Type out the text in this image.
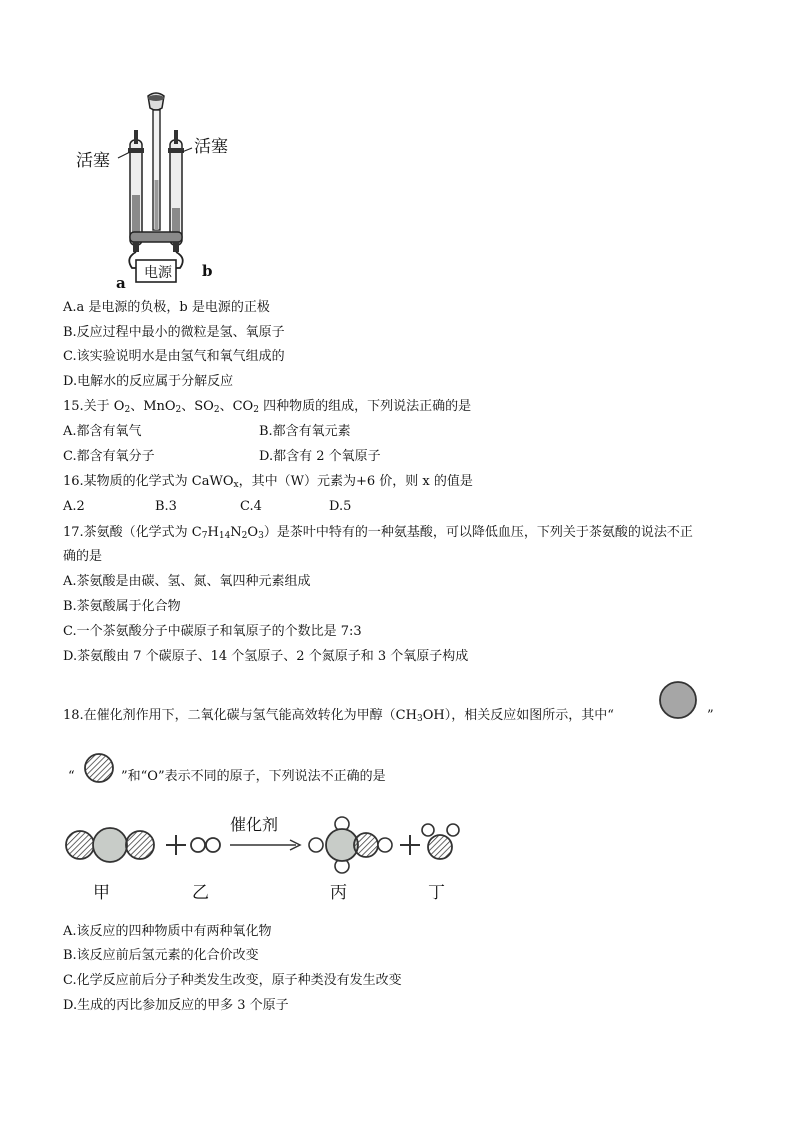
活塞
活塞
电源
a
b
A.a 是电源的负极，b 是电源的正极
B.反应过程中最小的微粒是氢、氧原子
C.该实验说明水是由氢气和氧气组成的
D.电解水的反应属于分解反应
15.关于 $O_2$、MnO$_2$、$SO_2$、$CO_2$ 四种物质的组成，下列说法正确的是
A.都含有氧气	B.都含有氧元素
C.都含有氧分子	D.都含有 2 个氧原子
16.某物质的化学式为 CaWO$_x$，其中（W）元素为+6 价，则 x 的值是
A.2	B.3	C.4	D.5
17.茶氨酸（化学式为 $C_7H_{14}N_2O_3$）是茶叶中特有的一种氨基酸，可以降低血压，下列关于茶氨酸的说法不正
确的是
A.茶氨酸是由碳、氢、氮、氧四种元素组成
B.茶氨酸属于化合物
C.一个茶氨酸分子中碳原子和氧原子的个数比是 7:3
D.茶氨酸由 7 个碳原子、14 个氢原子、2 个氮原子和 3 个氧原子构成
18.在催化剂作用下，二氧化碳与氢气能高效转化为甲醇$(CH_3OH)$，相关反应如图所示，其中“	”
“	”和“O”表示不同的原子，下列说法不正确的是
催化剂
甲	乙	丙	丁
A.该反应的四种物质中有两种氧化物
B.该反应前后氢元素的化合价改变
C.化学反应前后分子种类发生改变，原子种类没有发生改变
D.生成的丙比参加反应的甲多 3 个原子
